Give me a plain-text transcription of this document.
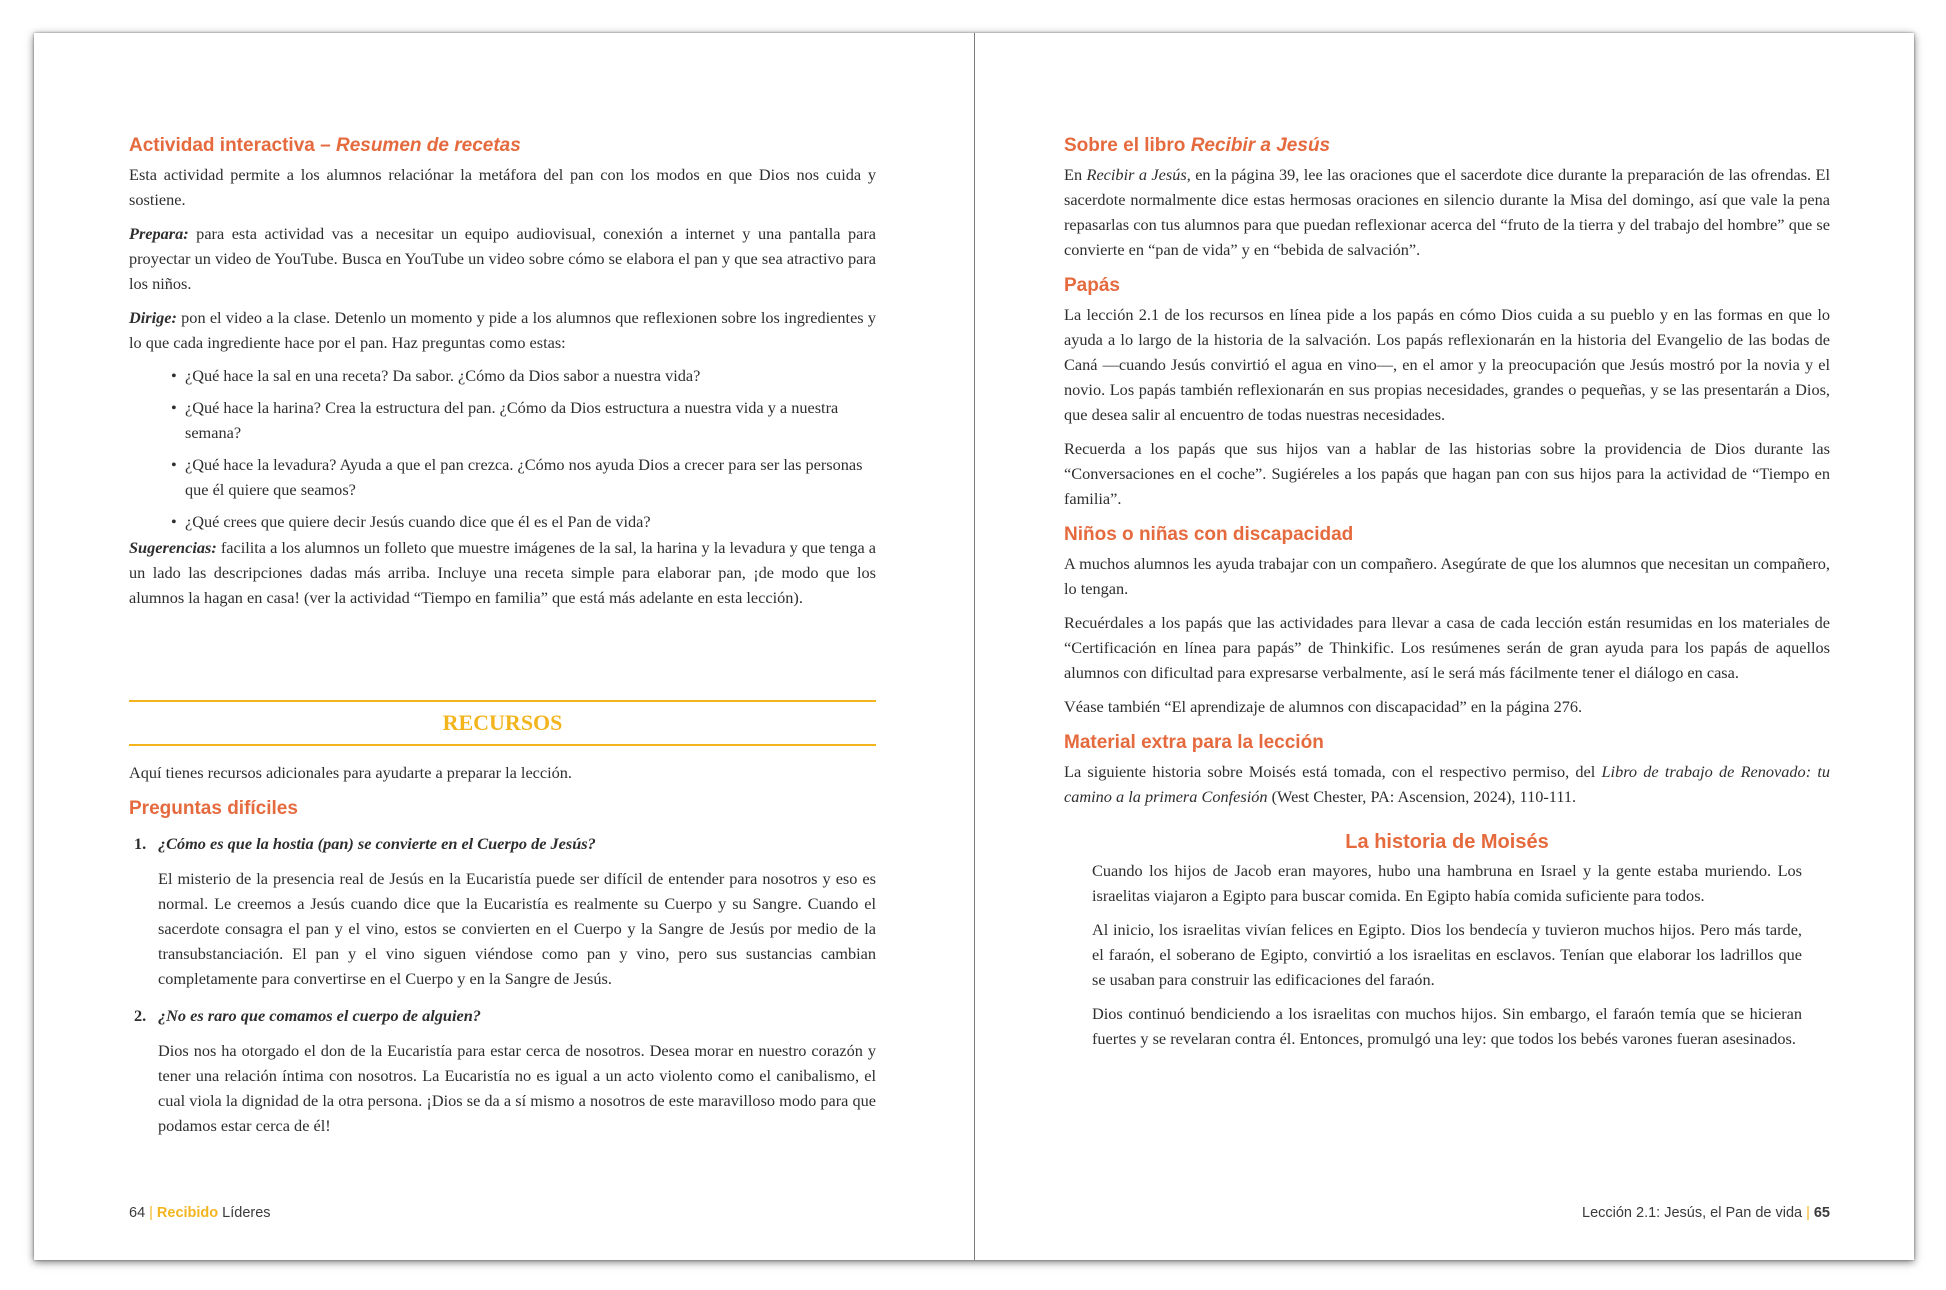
Actividad interactiva – Resumen de recetas

Esta actividad permite a los alumnos relaciónar la metáfora del pan con los modos en que Dios nos cuida y sostiene.

Prepara: para esta actividad vas a necesitar un equipo audiovisual, conexión a internet y una pantalla para proyectar un video de YouTube. Busca en YouTube un video sobre cómo se elabora el pan y que sea atractivo para los niños.

Dirige: pon el video a la clase. Detenlo un momento y pide a los alumnos que reflexionen sobre los ingredientes y lo que cada ingrediente hace por el pan. Haz preguntas como estas:

• ¿Qué hace la sal en una receta? Da sabor. ¿Cómo da Dios sabor a nuestra vida?
• ¿Qué hace la harina? Crea la estructura del pan. ¿Cómo da Dios estructura a nuestra vida y a nuestra semana?
• ¿Qué hace la levadura? Ayuda a que el pan crezca. ¿Cómo nos ayuda Dios a crecer para ser las personas que él quiere que seamos?
• ¿Qué crees que quiere decir Jesús cuando dice que él es el Pan de vida?

Sugerencias: facilita a los alumnos un folleto que muestre imágenes de la sal, la harina y la levadura y que tenga a un lado las descripciones dadas más arriba. Incluye una receta simple para elaborar pan, ¡de modo que los alumnos la hagan en casa! (ver la actividad “Tiempo en familia” que está más adelante en esta lección).

RECURSOS

Aquí tienes recursos adicionales para ayudarte a preparar la lección.

Preguntas difíciles
1. ¿Cómo es que la hostia (pan) se convierte en el Cuerpo de Jesús?

El misterio de la presencia real de Jesús en la Eucaristía puede ser difícil de entender para nosotros y eso es normal. Le creemos a Jesús cuando dice que la Eucaristía es realmente su Cuerpo y su Sangre. Cuando el sacerdote consagra el pan y el vino, estos se convierten en el Cuerpo y la Sangre de Jesús por medio de la transubstanciación. El pan y el vino siguen viéndose como pan y vino, pero sus sustancias cambian completamente para convertirse en el Cuerpo y en la Sangre de Jesús.

2. ¿No es raro que comamos el cuerpo de alguien?

Dios nos ha otorgado el don de la Eucaristía para estar cerca de nosotros. Desea morar en nuestro corazón y tener una relación íntima con nosotros. La Eucaristía no es igual a un acto violento como el canibalismo, el cual viola la dignidad de la otra persona. ¡Dios se da a sí mismo a nosotros de este maravilloso modo para que podamos estar cerca de él!

64 | Recibido Líderes
Sobre el libro Recibir a Jesús

En Recibir a Jesús, en la página 39, lee las oraciones que el sacerdote dice durante la preparación de las ofrendas. El sacerdote normalmente dice estas hermosas oraciones en silencio durante la Misa del domingo, así que vale la pena repasarlas con tus alumnos para que puedan reflexionar acerca del “fruto de la tierra y del trabajo del hombre” que se convierte en “pan de vida” y en “bebida de salvación”.

Papás

La lección 2.1 de los recursos en línea pide a los papás en cómo Dios cuida a su pueblo y en las formas en que lo ayuda a lo largo de la historia de la salvación. Los papás reflexionarán en la historia del Evangelio de las bodas de Caná —cuando Jesús convirtió el agua en vino—, en el amor y la preocupación que Jesús mostró por la novia y el novio. Los papás también reflexionarán en sus propias necesidades, grandes o pequeñas, y se las presentarán a Dios, que desea salir al encuentro de todas nuestras necesidades.

Recuerda a los papás que sus hijos van a hablar de las historias sobre la providencia de Dios durante las “Conversaciones en el coche”. Sugiéreles a los papás que hagan pan con sus hijos para la actividad de “Tiempo en familia”.

Niños o niñas con discapacidad

A muchos alumnos les ayuda trabajar con un compañero. Asegúrate de que los alumnos que necesitan un compañero, lo tengan.

Recuérdales a los papás que las actividades para llevar a casa de cada lección están resumidas en los materiales de “Certificación en línea para papás” de Thinkific. Los resúmenes serán de gran ayuda para los papás de aquellos alumnos con dificultad para expresarse verbalmente, así le será más fácilmente tener el diálogo en casa.

Véase también “El aprendizaje de alumnos con discapacidad” en la página 276.

Material extra para la lección

La siguiente historia sobre Moisés está tomada, con el respectivo permiso, del Libro de trabajo de Renovado: tu camino a la primera Confesión (West Chester, PA: Ascension, 2024), 110-111.

La historia de Moisés

Cuando los hijos de Jacob eran mayores, hubo una hambruna en Israel y la gente estaba muriendo. Los israelitas viajaron a Egipto para buscar comida. En Egipto había comida suficiente para todos.

Al inicio, los israelitas vivían felices en Egipto. Dios los bendecía y tuvieron muchos hijos. Pero más tarde, el faraón, el soberano de Egipto, convirtió a los israelitas en esclavos. Tenían que elaborar los ladrillos que se usaban para construir las edificaciones del faraón.

Dios continuó bendiciendo a los israelitas con muchos hijos. Sin embargo, el faraón temía que se hicieran fuertes y se revelaran contra él. Entonces, promulgó una ley: que todos los bebés varones fueran asesinados.

Lección 2.1: Jesús, el Pan de vida | 65
